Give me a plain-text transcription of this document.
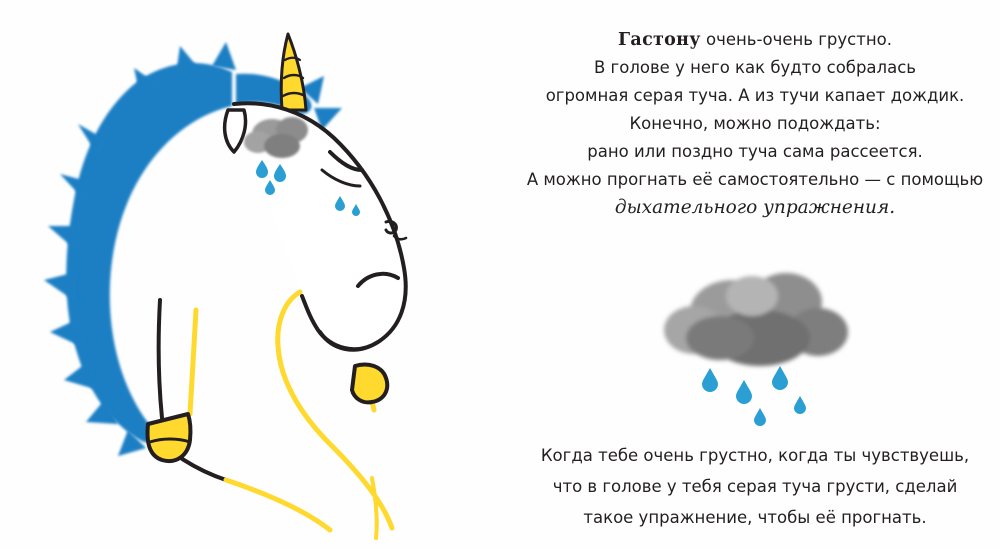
Гастону очень-очень грустно.
В голове у него как будто собралась
огромная серая туча. А из тучи капает дождик.
Конечно, можно подождать:
рано или поздно туча сама рассеется.
А можно прогнать её самостоятельно — с помощью
дыхательного упражнения.
Когда тебе очень грустно, когда ты чувствуешь,
что в голове у тебя серая туча грусти, сделай
такое упражнение, чтобы её прогнать.
